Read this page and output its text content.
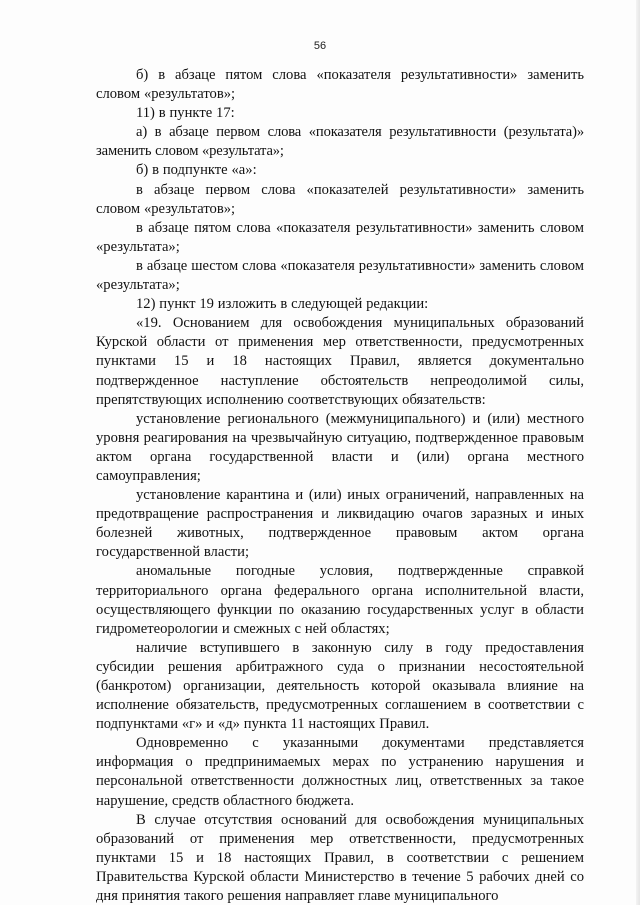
56

б) в абзаце пятом слова «показателя результативности» заменить словом «результатов»;

11) в пункте 17:

а) в абзаце первом слова «показателя результативности (результата)» заменить словом «результата»;

б) в подпункте «а»:

в абзаце первом слова «показателей результативности» заменить словом «результатов»;

в абзаце пятом слова «показателя результативности» заменить словом «результата»;

в абзаце шестом слова «показателя результативности» заменить словом «результата»;

12) пункт 19 изложить в следующей редакции:

«19. Основанием для освобождения муниципальных образований Курской области от применения мер ответственности, предусмотренных пунктами 15 и 18 настоящих Правил, является документально подтвержденное наступление обстоятельств непреодолимой силы, препятствующих исполнению соответствующих обязательств:

установление регионального (межмуниципального) и (или) местного уровня реагирования на чрезвычайную ситуацию, подтвержденное правовым актом органа государственной власти и (или) органа местного самоуправления;

установление карантина и (или) иных ограничений, направленных на предотвращение распространения и ликвидацию очагов заразных и иных болезней животных, подтвержденное правовым актом органа государственной власти;

аномальные погодные условия, подтвержденные справкой территориального органа федерального органа исполнительной власти, осуществляющего функции по оказанию государственных услуг в области гидрометеорологии и смежных с ней областях;

наличие вступившего в законную силу в году предоставления субсидии решения арбитражного суда о признании несостоятельной (банкротом) организации, деятельность которой оказывала влияние на исполнение обязательств, предусмотренных соглашением в соответствии с подпунктами «г» и «д» пункта 11 настоящих Правил.

Одновременно с указанными документами представляется информация о предпринимаемых мерах по устранению нарушения и персональной ответственности должностных лиц, ответственных за такое нарушение, средств областного бюджета.

В случае отсутствия оснований для освобождения муниципальных образований от применения мер ответственности, предусмотренных пунктами 15 и 18 настоящих Правил, в соответствии с решением Правительства Курской области Министерство в течение 5 рабочих дней со дня принятия такого решения направляет главе муниципального
